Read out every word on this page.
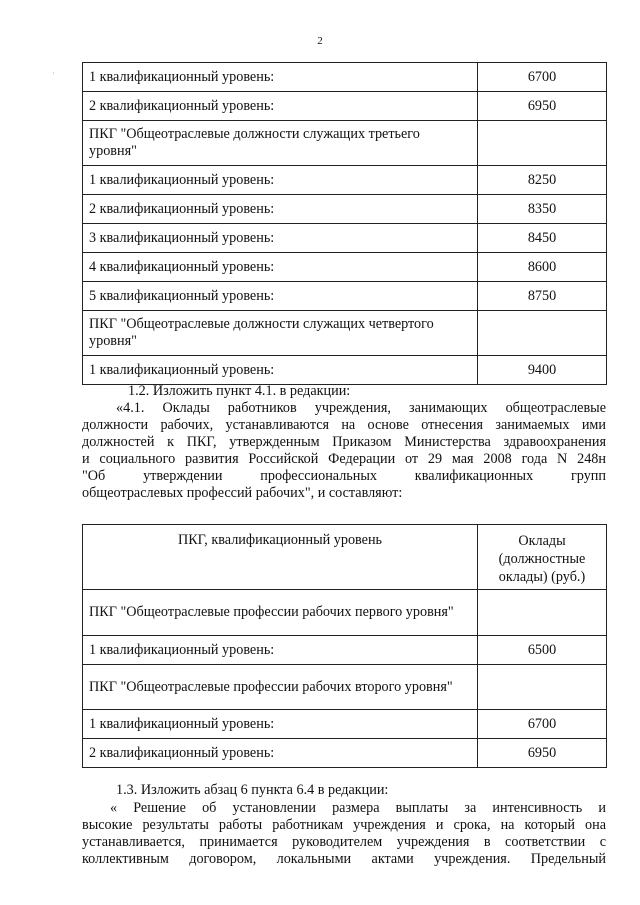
2
· 1 квалификационный уровень:	6700
2 квалификационный уровень:	6950
ПКГ "Общеотраслевые должности служащих третьего уровня"	
1 квалификационный уровень:	8250
2 квалификационный уровень:	8350
3 квалификационный уровень:	8450
4 квалификационный уровень:	8600
5 квалификационный уровень:	8750
ПКГ "Общеотраслевые должности служащих четвертого уровня"	
1 квалификационный уровень:	9400
1.2. Изложить пункт 4.1. в редакции:
«4.1. Оклады работников учреждения, занимающих общеотраслевые
должности рабочих, устанавливаются на основе отнесения занимаемых ими
должностей к ПКГ, утвержденным Приказом Министерства здравоохранения
и социального развития Российской Федерации от 29 мая 2008 года N 248н
"Об утверждении профессиональных квалификационных групп
общеотраслевых профессий рабочих", и составляют:
ПКГ, квалификационный уровень	Оклады
(должностные
оклады) (руб.)

ПКГ "Общеотраслевые профессии рабочих первого уровня"	
1 квалификационный уровень:	6500
ПКГ "Общеотраслевые профессии рабочих второго уровня"	
1 квалификационный уровень:	6700
2 квалификационный уровень:	6950
1.3. Изложить абзац 6 пункта 6.4 в редакции:
« Решение об установлении размера выплаты за интенсивность и
высокие результаты работы работникам учреждения и срока, на который она
устанавливается, принимается руководителем учреждения в соответствии с
коллективным договором, локальными актами учреждения. Предельный
